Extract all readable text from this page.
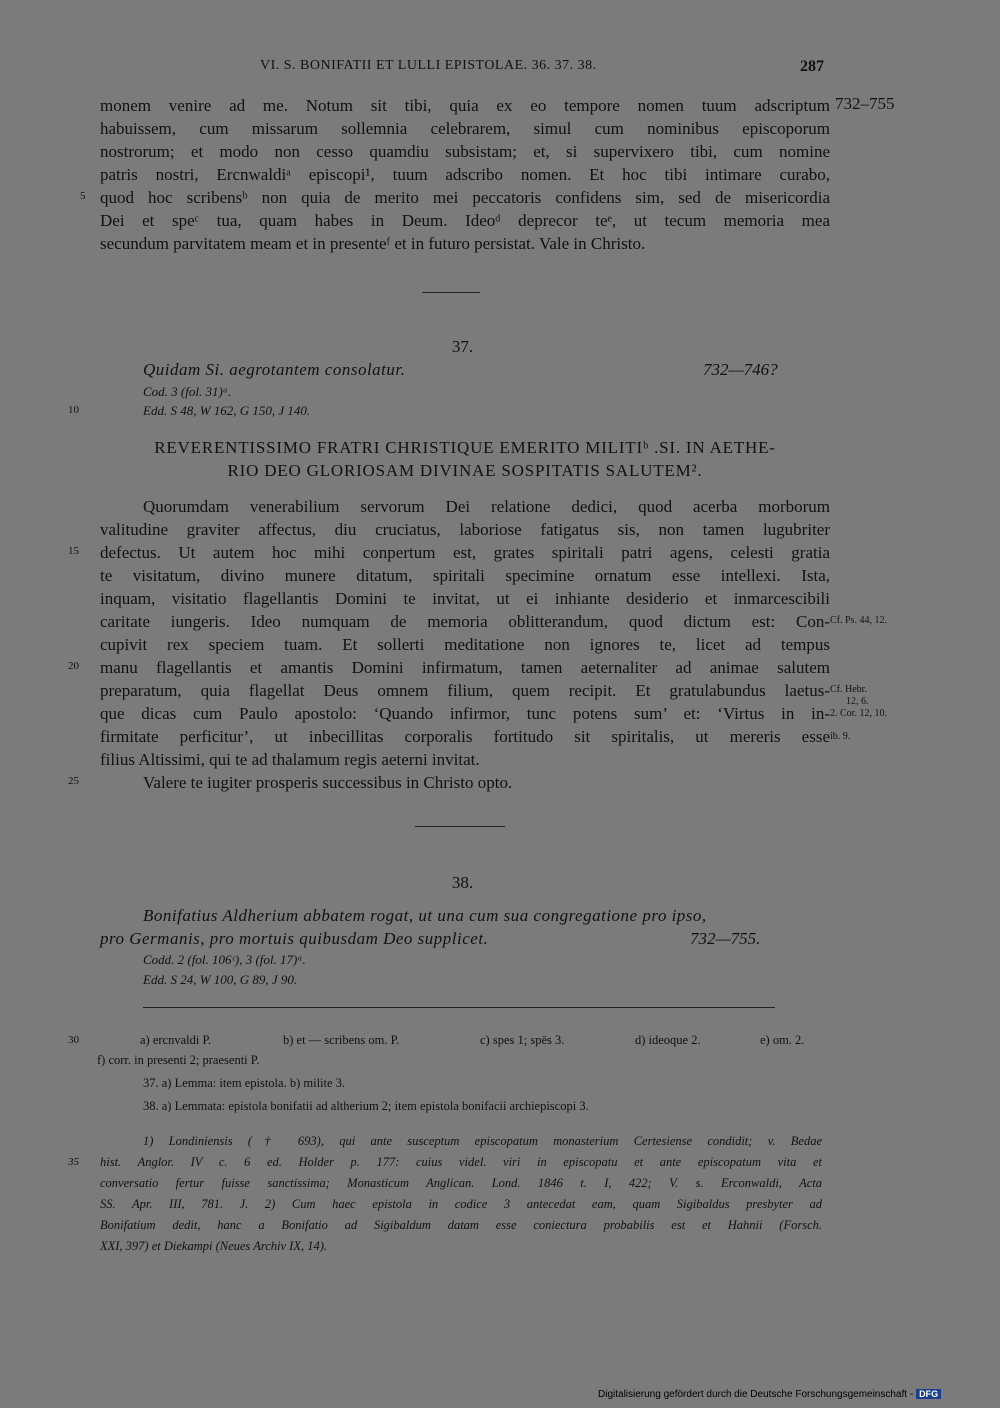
VI. S. BONIFATII ET LULLI EPISTOLAE. 36. 37. 38.	287
monem venire ad me. Notum sit tibi, quia ex eo tempore nomen tuum adscriptum 732–755
habuissem, cum missarum sollemnia celebrarem, simul cum nominibus episcoporum
nostrorum; et modo non cesso quamdiu subsistam; et, si supervixero tibi, cum nomine
patris nostri, Ercnwaldiᵃ episcopi¹, tuum adscribo nomen. Et hoc tibi intimare curabo,
5 quod hoc scribensᵇ non quia de merito mei peccatoris confidens sim, sed de misericordia
Dei et speᶜ tua, quam habes in Deum. Ideoᵈ deprecor teᵉ, ut tecum memoria mea
secundum parvitatem meam et in presenteᶠ et in futuro persistat. Vale in Christo.
37.
Quidam Si. aegrotantem consolatur.	732—746?
Cod. 3 (fol. 31)ᵃ.
10	Edd. S 48, W 162, G 150, J 140.
REVERENTISSIMO FRATRI CHRISTIQUE EMERITO MILITIᵇ .SI. IN AETHE-
RIO DEO GLORIOSAM DIVINAE SOSPITATIS SALUTEM².
Quorumdam venerabilium servorum Dei relatione dedici, quod acerba morborum
valitudine graviter affectus, diu cruciatus, laboriose fatigatus sis, non tamen lugubriter
15	defectus. Ut autem hoc mihi conpertum est, grates spiritali patri agens, celesti gratia
te visitatum, divino munere ditatum, spiritali specimine ornatum esse intellexi. Ista,
inquam, visitatio flagellantis Domini te invitat, ut ei inhiante desiderio et inmarcescibili
caritate iungeris. Ideo numquam de memoria oblitterandum, quod dictum est: Con- Cf. Ps. 44, 12.
cupivit rex speciem tuam. Et sollerti meditatione non ignores te, licet ad tempus
20	manu flagellantis et amantis Domini infirmatum, tamen aeternaliter ad animae salutem
preparatum, quia flagellat Deus omnem filium, quem recipit. Et gratulabundus laetus- Cf. Hebr.
12, 6.
que dicas cum Paulo apostolo: ‘Quando infirmor, tunc potens sum’ et: ‘Virtus in in- 2. Cor. 12, 10.
firmitate perficitur’, ut inbecillitas corporalis fortitudo sit spiritalis, ut mereris esse ib. 9.
filius Altissimi, qui te ad thalamum regis aeterni invitat.
25	Valere te iugiter prosperis successibus in Christo opto.
38.
Bonifatius Aldherium abbatem rogat, ut una cum sua congregatione pro ipso,
pro Germanis, pro mortuis quibusdam Deo supplicet.	732—755.
Codd. 2 (fol. 106ᶜ), 3 (fol. 17)ᵃ.
Edd. S 24, W 100, G 89, J 90.
30	a) ercnvaldi P.	b) et — scribens om. P.	c) spes 1; spēs 3.	d) ideoque 2.	e) om. 2.
f) corr. in presenti 2; praesenti P.
37. a) Lemma: item epistola. b) milite 3.
38. a) Lemmata: epistola bonifatii ad altherium 2; item epistola bonifacii archiepiscopi 3.
1) Londiniensis († 693), qui ante susceptum episcopatum monasterium Certesiense condidit; v. Bedae
35	hist. Anglor. IV c. 6 ed. Holder p. 177: cuius videl. viri in episcopatu et ante episcopatum vita et
conversatio fertur fuisse sanctissima; Monasticum Anglican. Lond. 1846 t. I, 422; V. s. Erconwaldi, Acta
SS. Apr. III, 781. J. 2) Cum haec epistola in codice 3 antecedat eam, quam Sigibaldus presbyter ad
Bonifatium dedit, hanc a Bonifatio ad Sigibaldum datam esse coniectura probabilis est et Hahnii (Forsch.
XXI, 397) et Diekampi (Neues Archiv IX, 14).
Digitalisierung gefördert durch die Deutsche Forschungsgemeinschaft - DFG
